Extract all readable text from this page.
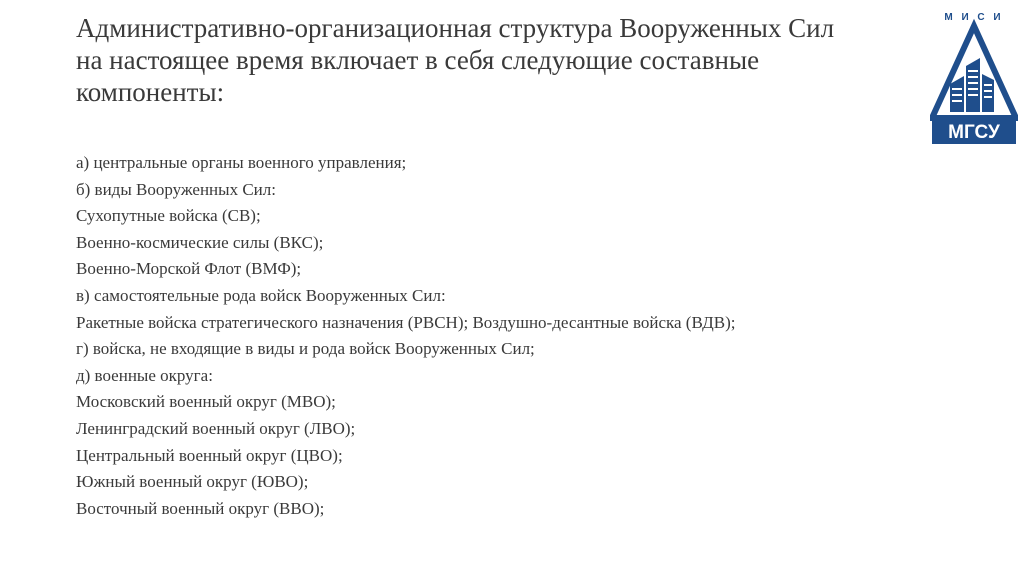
Административно-организационная структура Вооруженных Сил
на настоящее время включает в себя следующие составные
компоненты:
а) центральные органы военного управления;
б) виды Вооруженных Сил:
Сухопутные войска (СВ);
Военно-космические силы (ВКС);
Военно-Морской Флот (ВМФ);
в) самостоятельные рода войск Вооруженных Сил:
Ракетные войска стратегического назначения (РВСН); Воздушно-десантные войска (ВДВ);
г) войска, не входящие в виды и рода войск Вооруженных Сил;
д) военные округа:
Московский военный округ (МВО);
Ленинградский военный округ (ЛВО);
Центральный военный округ (ЦВО);
Южный военный округ (ЮВО);
Восточный военный округ (ВВО);
М И С И
МГСУ
